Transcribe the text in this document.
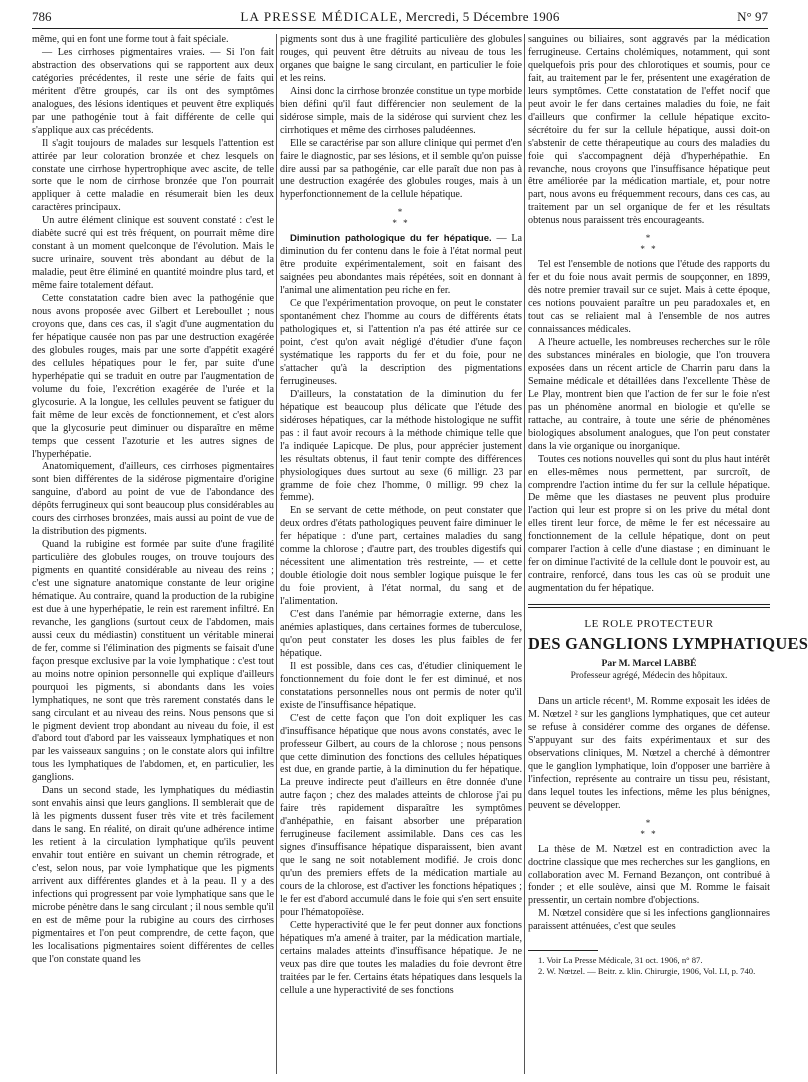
786	LA PRESSE MÉDICALE, Mercredi, 5 Décembre 1906	N° 97

même, qui en font une forme tout à fait spéciale.

— Les cirrhoses pigmentaires vraies. — Si l'on fait abstraction des observations qui se rapportent aux deux catégories précédentes, il reste une série de faits qui méritent d'être groupés, car ils ont des symptômes analogues, des lésions identiques et peuvent être expliqués par une pathogénie tout à fait différente de celle qui s'applique aux cas précédents.

Il s'agit toujours de malades sur lesquels l'attention est attirée par leur coloration bronzée et chez lesquels on constate une cirrhose hypertrophique avec ascite, de telle sorte que le nom de cirrhose bronzée que l'on pourrait appliquer à cette maladie en résumerait bien les deux caractères principaux.

Un autre élément clinique est souvent constaté : c'est le diabète sucré qui est très fréquent, on pourrait même dire constant à un moment quelconque de l'évolution. Mais le sucre urinaire, souvent très abondant au début de la maladie, peut être éliminé en quantité moindre plus tard, et même faire totalement défaut.

Cette constatation cadre bien avec la pathogénie que nous avons proposée avec Gilbert et Lereboullet ; nous croyons que, dans ces cas, il s'agit d'une augmentation du fer hépatique causée non pas par une destruction exagérée des globules rouges, mais par une sorte d'appétit exagéré des cellules hépatiques pour le fer, par suite d'une hyperhépatie qui se traduit en outre par l'augmentation de volume du foie, l'excrétion exagérée de l'urée et la glycosurie. A la longue, les cellules peuvent se fatiguer du fait même de leur excès de fonctionnement, et c'est alors que la glycosurie peut diminuer ou disparaître en même temps que cessent l'azoturie et les autres signes de l'hyperhépatie.

Anatomiquement, d'ailleurs, ces cirrhoses pigmentaires sont bien différentes de la sidérose pigmentaire d'origine sanguine, d'abord au point de vue de l'abondance des dépôts ferrugineux qui sont beaucoup plus considérables au cours des cirrhoses bronzées, mais aussi au point de vue de la distribution des pigments.

Quand la rubigine est formée par suite d'une fragilité particulière des globules rouges, on trouve toujours des pigments en quantité considérable au niveau des reins ; c'est une signature anatomique constante de leur origine hématique. Au contraire, quand la production de la rubigine est due à une hyperhépatie, le rein est rarement infiltré. En revanche, les ganglions (surtout ceux de l'abdomen, mais aussi ceux du médiastin) constituent un véritable minerai de fer, comme si l'élimination des pigments se faisait d'une façon presque exclusive par la voie lymphatique : c'est tout au moins notre opinion personnelle qui explique d'ailleurs pourquoi les pigments, si abondants dans les voies lymphatiques, ne sont que très rarement constatés dans le sang circulant et au niveau des reins. Nous pensons que si le pigment devient trop abondant au niveau du foie, il est d'abord tout d'abord par les vaisseaux lymphatiques et non par les vaisseaux sanguins ; on le constate alors qui infiltre tous les lymphatiques de l'abdomen, et, en particulier, les ganglions.

Dans un second stade, les lymphatiques du médiastin sont envahis ainsi que leurs ganglions. Il semblerait que de là les pigments dussent fuser très vite et très facilement dans le sang. En réalité, on dirait qu'une adhérence intime les retient à la circulation lymphatique qu'ils peuvent envahir tout entière en suivant un chemin rétrograde, et c'est, selon nous, par voie lymphatique que les pigments arrivent aux différentes glandes et à la peau. Il y a des infections qui progressent par voie lymphatique sans que le microbe pénètre dans le sang circulant ; il nous semble qu'il en est de même pour la rubigine au cours des cirrhoses pigmentaires et l'on peut comprendre, de cette façon, que les localisations pigmentaires soient différentes de celles que l'on constate quand les

pigments sont dus à une fragilité particulière des globules rouges, qui peuvent être détruits au niveau de tous les organes que baigne le sang circulant, en particulier le foie et les reins.

Ainsi donc la cirrhose bronzée constitue un type morbide bien défini qu'il faut différencier non seulement de la sidérose simple, mais de la sidérose qui survient chez les cirrhotiques et même des cirrhoses paludéennes.

Elle se caractérise par son allure clinique qui permet d'en faire le diagnostic, par ses lésions, et il semble qu'on puisse dire aussi par sa pathogénie, car elle paraît due non pas à une destruction exagérée des globules rouges, mais à un hyperfonctionnement de la cellule hépatique.

*
* *

Diminution pathologique du fer hépatique. — La diminution du fer contenu dans le foie à l'état normal peut être produite expérimentalement, soit en faisant des saignées peu abondantes mais répétées, soit en donnant à l'animal une alimentation peu riche en fer.

Ce que l'expérimentation provoque, on peut le constater spontanément chez l'homme au cours de différents états pathologiques et, si l'attention n'a pas été attirée sur ce point, c'est qu'on avait négligé d'étudier d'une façon systématique les rapports du fer et du foie, pour ne s'attacher qu'à la description des pigmentations ferrugineuses.

D'ailleurs, la constatation de la diminution du fer hépatique est beaucoup plus délicate que l'étude des sidéroses hépatiques, car la méthode histologique ne suffit pas : il faut avoir recours à la méthode chimique telle que l'a indiquée Lapicque. De plus, pour apprécier justement les résultats obtenus, il faut tenir compte des différences physiologiques dues surtout au sexe (6 milligr. 23 par gramme de foie chez l'homme, 0 milligr. 99 chez la femme).

En se servant de cette méthode, on peut constater que deux ordres d'états pathologiques peuvent faire diminuer le fer hépatique : d'une part, certaines maladies du sang comme la chlorose ; d'autre part, des troubles digestifs qui nécessitent une alimentation très restreinte, — et cette double étiologie doit nous sembler logique puisque le fer du foie provient, à l'état normal, du sang et de l'alimentation.

C'est dans l'anémie par hémorragie externe, dans les anémies aplastiques, dans certaines formes de tuberculose, qu'on peut constater les doses les plus faibles de fer hépatique.

Il est possible, dans ces cas, d'étudier cliniquement le fonctionnement du foie dont le fer est diminué, et nos constatations personnelles nous ont permis de noter qu'il existe de l'insuffisance hépatique.

C'est de cette façon que l'on doit expliquer les cas d'insuffisance hépatique que nous avons constatés, avec le professeur Gilbert, au cours de la chlorose ; nous pensons que cette diminution des fonctions des cellules hépatiques est due, en grande partie, à la diminution du fer hépatique. La preuve indirecte peut d'ailleurs en être donnée d'une autre façon ; chez des malades atteints de chlorose j'ai pu faire très rapidement disparaître les symptômes d'anhépathie, en faisant absorber une préparation ferrugineuse facilement assimilable. Dans ces cas les signes d'insuffisance hépatique disparaissent, bien avant que le sang ne soit notablement modifié. Je crois donc qu'un des premiers effets de la médication martiale au cours de la chlorose, est d'activer les fonctions hépatiques ; le fer est d'abord accumulé dans le foie qui s'en sert ensuite pour l'hématopoïèse.

Cette hyperactivité que le fer peut donner aux fonctions hépatiques m'a amené à traiter, par la médication martiale, certains malades atteints d'insuffisance hépatique. Je ne veux pas dire que toutes les maladies du foie devront être traitées par le fer. Certains états hépatiques dans lesquels la cellule a une hyperactivité de ses fonctions

sanguines ou biliaires, sont aggravés par la médication ferrugineuse. Certains cholémiques, notamment, qui sont quelquefois pris pour des chlorotiques et soumis, pour ce fait, au traitement par le fer, présentent une exagération de leurs symptômes. Cette constatation de l'effet nocif que peut avoir le fer dans certaines maladies du foie, ne fait d'ailleurs que confirmer la cellule hépatique excito-sécrétoire du fer sur la cellule hépatique, aussi doit-on s'abstenir de cette thérapeutique au cours des maladies du foie qui s'accompagnent déjà d'hyperhépathie. En revanche, nous croyons que l'insuffisance hépatique peut être améliorée par la médication martiale, et, pour notre part, nous avons eu fréquemment recours, dans ces cas, au traitement par un sel organique de fer et les résultats obtenus nous paraissent très encourageants.

*
* *

Tel est l'ensemble de notions que l'étude des rapports du fer et du foie nous avait permis de soupçonner, en 1899, dès notre premier travail sur ce sujet. Mais à cette époque, ces notions pouvaient paraître un peu paradoxales et, en tout cas se reliaient mal à l'ensemble de nos autres connaissances médicales.

A l'heure actuelle, les nombreuses recherches sur le rôle des substances minérales en biologie, que l'on trouvera exposées dans un récent article de Charrin paru dans la Semaine médicale et détaillées dans l'excellente Thèse de Le Play, montrent bien que l'action de fer sur le foie n'est pas un phénomène anormal en biologie et qu'elle se rattache, au contraire, à toute une série de phénomènes biologiques absolument analogues, que l'on peut constater dans la vie organique ou inorganique.

Toutes ces notions nouvelles qui sont du plus haut intérêt en elles-mêmes nous permettent, par surcroît, de comprendre l'action intime du fer sur la cellule hépatique. De même que les diastases ne peuvent plus produire l'action qui leur est propre si on les prive du métal dont elles tirent leur force, de même le fer est nécessaire au fonctionnement de la cellule hépatique, dont on peut comparer l'action à celle d'une diastase ; en diminuant le fer on diminue l'activité de la cellule dont le pouvoir est, au contraire, renforcé, dans tous les cas où se produit une augmentation du fer hépatique.

LE ROLE PROTECTEUR
DES GANGLIONS LYMPHATIQUES
Par M. Marcel LABBÉ
Professeur agrégé, Médecin des hôpitaux.

Dans un article récent¹, M. Romme exposait les idées de M. Nœtzel ² sur les ganglions lymphatiques, que cet auteur se refuse à considérer comme des organes de défense. S'appuyant sur des faits expérimentaux et sur des observations cliniques, M. Nœtzel a cherché à démontrer que le ganglion lymphatique, loin d'opposer une barrière à l'infection, représente au contraire un tissu peu, résistant, dans lequel toutes les infections, même les plus bénignes, peuvent se développer.

*
* *

La thèse de M. Nœtzel est en contradiction avec la doctrine classique que mes recherches sur les ganglions, en collaboration avec M. Fernand Bezançon, ont contribué à fonder ; et elle soulève, ainsi que M. Romme le faisait pressentir, un certain nombre d'objections.

M. Nœtzel considère que si les infections ganglionnaires paraissent atténuées, c'est que seules

1. Voir La Presse Médicale, 31 oct. 1906, n° 87.
2. W. Nœtzel. — Beitr. z. klin. Chirurgie, 1906, Vol. LI, p. 740.
